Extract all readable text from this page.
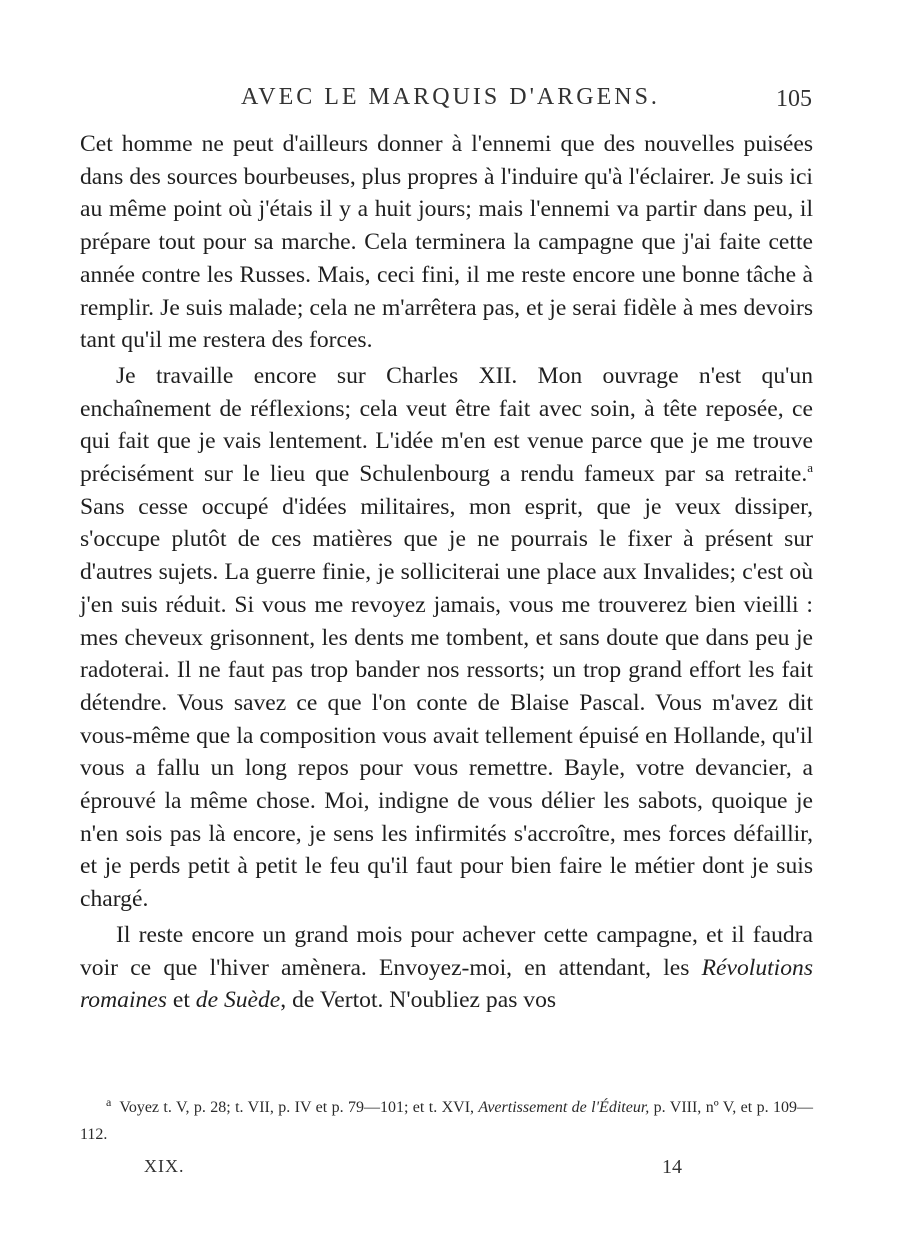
AVEC LE MARQUIS D'ARGENS.	105

Cet homme ne peut d'ailleurs donner à l'ennemi que des nouvelles puisées dans des sources bourbeuses, plus propres à l'induire qu'à l'éclairer. Je suis ici au même point où j'étais il y a huit jours; mais l'ennemi va partir dans peu, il prépare tout pour sa marche. Cela terminera la campagne que j'ai faite cette année contre les Russes. Mais, ceci fini, il me reste encore une bonne tâche à remplir. Je suis malade; cela ne m'arrêtera pas, et je serai fidèle à mes devoirs tant qu'il me restera des forces.

Je travaille encore sur Charles XII. Mon ouvrage n'est qu'un enchaînement de réflexions; cela veut être fait avec soin, à tête reposée, ce qui fait que je vais lentement. L'idée m'en est venue parce que je me trouve précisément sur le lieu que Schulenbourg a rendu fameux par sa retraite.$^a$ Sans cesse occupé d'idées militaires, mon esprit, que je veux dissiper, s'occupe plutôt de ces matières que je ne pourrais le fixer à présent sur d'autres sujets. La guerre finie, je solliciterai une place aux Invalides; c'est où j'en suis réduit. Si vous me revoyez jamais, vous me trouverez bien vieilli : mes cheveux grisonnent, les dents me tombent, et sans doute que dans peu je radoterai. Il ne faut pas trop bander nos ressorts; un trop grand effort les fait détendre. Vous savez ce que l'on conte de Blaise Pascal. Vous m'avez dit vous-même que la composition vous avait tellement épuisé en Hollande, qu'il vous a fallu un long repos pour vous remettre. Bayle, votre devancier, a éprouvé la même chose. Moi, indigne de vous délier les sabots, quoique je n'en sois pas là encore, je sens les infirmités s'accroître, mes forces défaillir, et je perds petit à petit le feu qu'il faut pour bien faire le métier dont je suis chargé.

Il reste encore un grand mois pour achever cette campagne, et il faudra voir ce que l'hiver amènera. Envoyez-moi, en attendant, les Révolutions romaines et de Suède, de Vertot. N'oubliez pas vos

$^a$ Voyez t. V, p. 28; t. VII, p. IV et p. 79—101; et t. XVI, Avertissement de l'Éditeur, p. VIII, nº V, et p. 109—112.
XIX.	14
